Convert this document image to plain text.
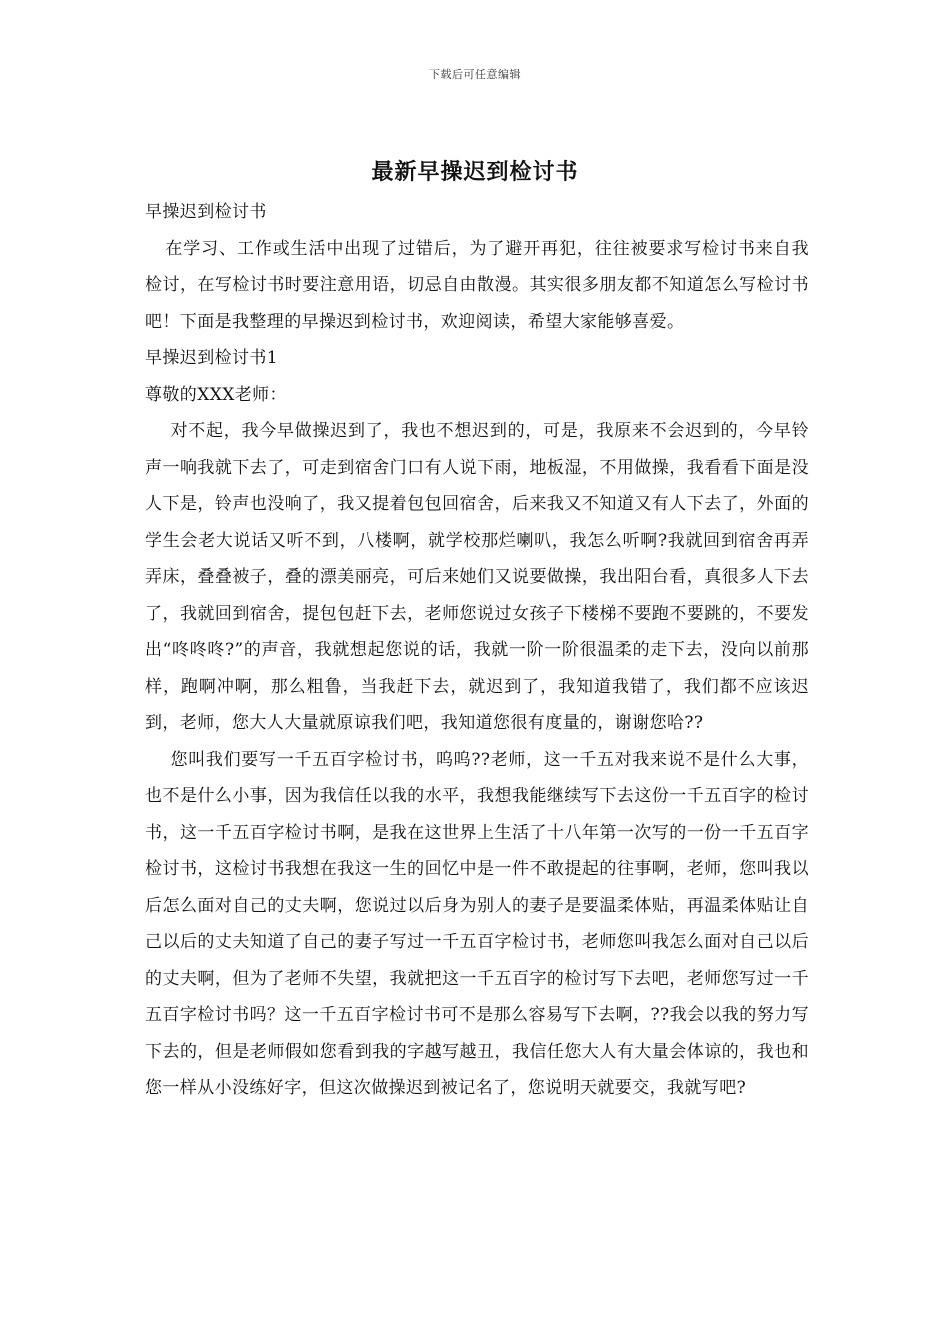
下载后可任意编辑
最新早操迟到检讨书

早操迟到检讨书

在学习、工作或生活中出现了过错后，为了避开再犯，往往被要求写检讨书来自我检讨，在写检讨书时要注意用语，切忌自由散漫。其实很多朋友都不知道怎么写检讨书吧！下面是我整理的早操迟到检讨书，欢迎阅读，希望大家能够喜爱。

早操迟到检讨书1

尊敬的XXX老师：

对不起，我今早做操迟到了，我也不想迟到的，可是，我原来不会迟到的，今早铃声一响我就下去了，可走到宿舍门口有人说下雨，地板湿，不用做操，我看看下面是没人下是，铃声也没响了，我又提着包包回宿舍，后来我又不知道又有人下去了，外面的学生会老大说话又听不到，八楼啊，就学校那烂喇叭，我怎么听啊?我就回到宿舍再弄弄床，叠叠被子，叠的漂美丽亮，可后来她们又说要做操，我出阳台看，真很多人下去了，我就回到宿舍，提包包赶下去，老师您说过女孩子下楼梯不要跑不要跳的，不要发出“咚咚咚?”的声音，我就想起您说的话，我就一阶一阶很温柔的走下去，没向以前那样，跑啊冲啊，那么粗鲁，当我赶下去，就迟到了，我知道我错了，我们都不应该迟到，老师，您大人大量就原谅我们吧，我知道您很有度量的，谢谢您哈??

您叫我们要写一千五百字检讨书，呜呜??老师，这一千五对我来说不是什么大事，也不是什么小事，因为我信任以我的水平，我想我能继续写下去这份一千五百字的检讨书，这一千五百字检讨书啊，是我在这世界上生活了十八年第一次写的一份一千五百字检讨书，这检讨书我想在我这一生的回忆中是一件不敢提起的往事啊，老师，您叫我以后怎么面对自己的丈夫啊，您说过以后身为别人的妻子是要温柔体贴，再温柔体贴让自己以后的丈夫知道了自己的妻子写过一千五百字检讨书，老师您叫我怎么面对自己以后的丈夫啊，但为了老师不失望，我就把这一千五百字的检讨写下去吧，老师您写过一千五百字检讨书吗？这一千五百字检讨书可不是那么容易写下去啊，??我会以我的努力写下去的，但是老师假如您看到我的字越写越丑，我信任您大人有大量会体谅的，我也和您一样从小没练好字，但这次做操迟到被记名了，您说明天就要交，我就写吧?
